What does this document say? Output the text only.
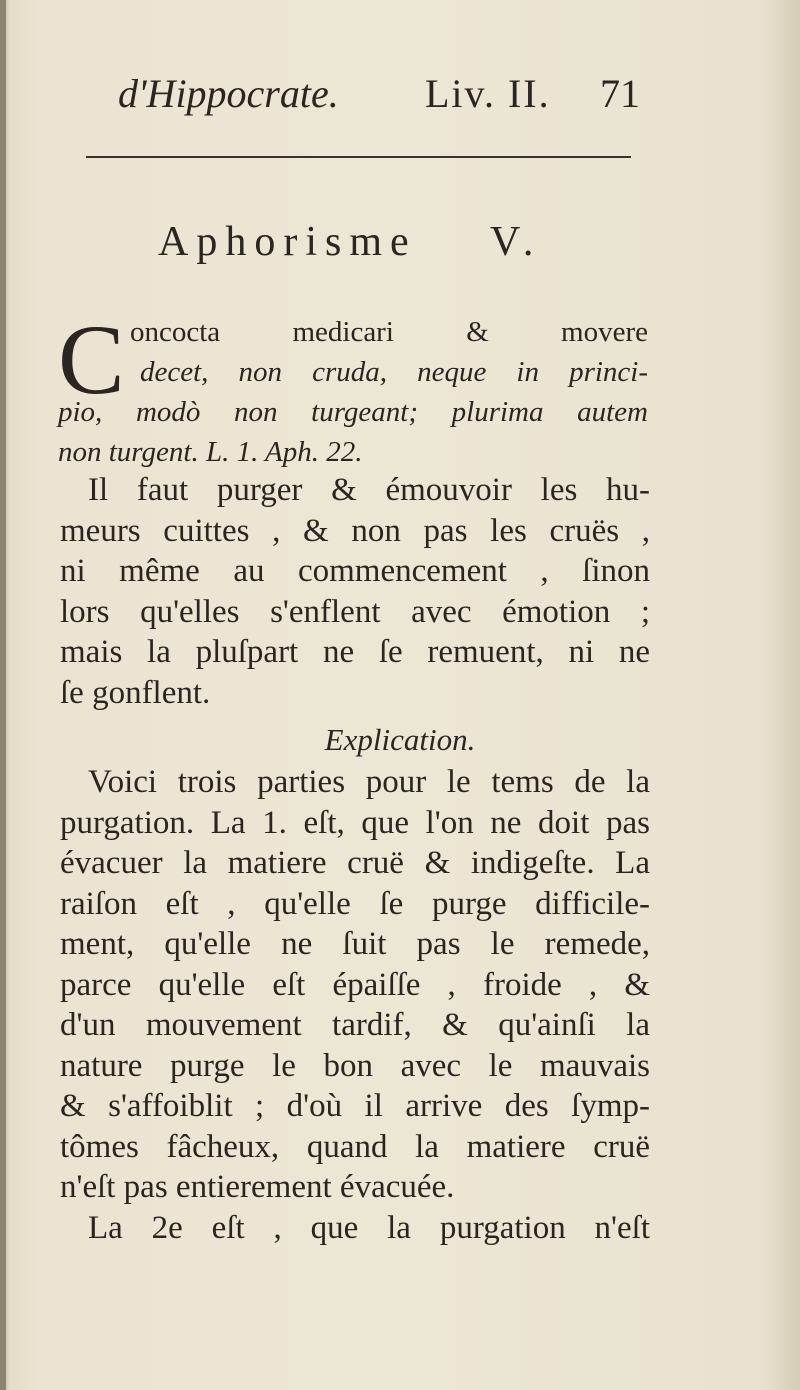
d'Hippocrate. Liv. II. 71
Aphorisme V.
C oncocta medicari & movere
decet, non cruda, neque in princi-
pio, modò non turgeant; plurima autem
non turgent. L. 1. Aph. 22.
Il faut purger & émouvoir les hu-
meurs cuittes , & non pas les cruës ,
ni même au commencement , ſinon
lors qu'elles s'enflent avec émotion ;
mais la pluſpart ne ſe remuent, ni ne
ſe gonflent.
Explication.
Voici trois parties pour le tems de la
purgation. La 1. eſt, que l'on ne doit pas
évacuer la matiere cruë & indigeſte. La
raiſon eſt , qu'elle ſe purge difficile-
ment, qu'elle ne ſuit pas le remede,
parce qu'elle eſt épaiſſe , froide , &
d'un mouvement tardif, & qu'ainſi la
nature purge le bon avec le mauvais
& s'affoiblit ; d'où il arrive des ſymp-
tômes fâcheux, quand la matiere cruë
n'eſt pas entierement évacuée.
La 2e eſt , que la purgation n'eſt
